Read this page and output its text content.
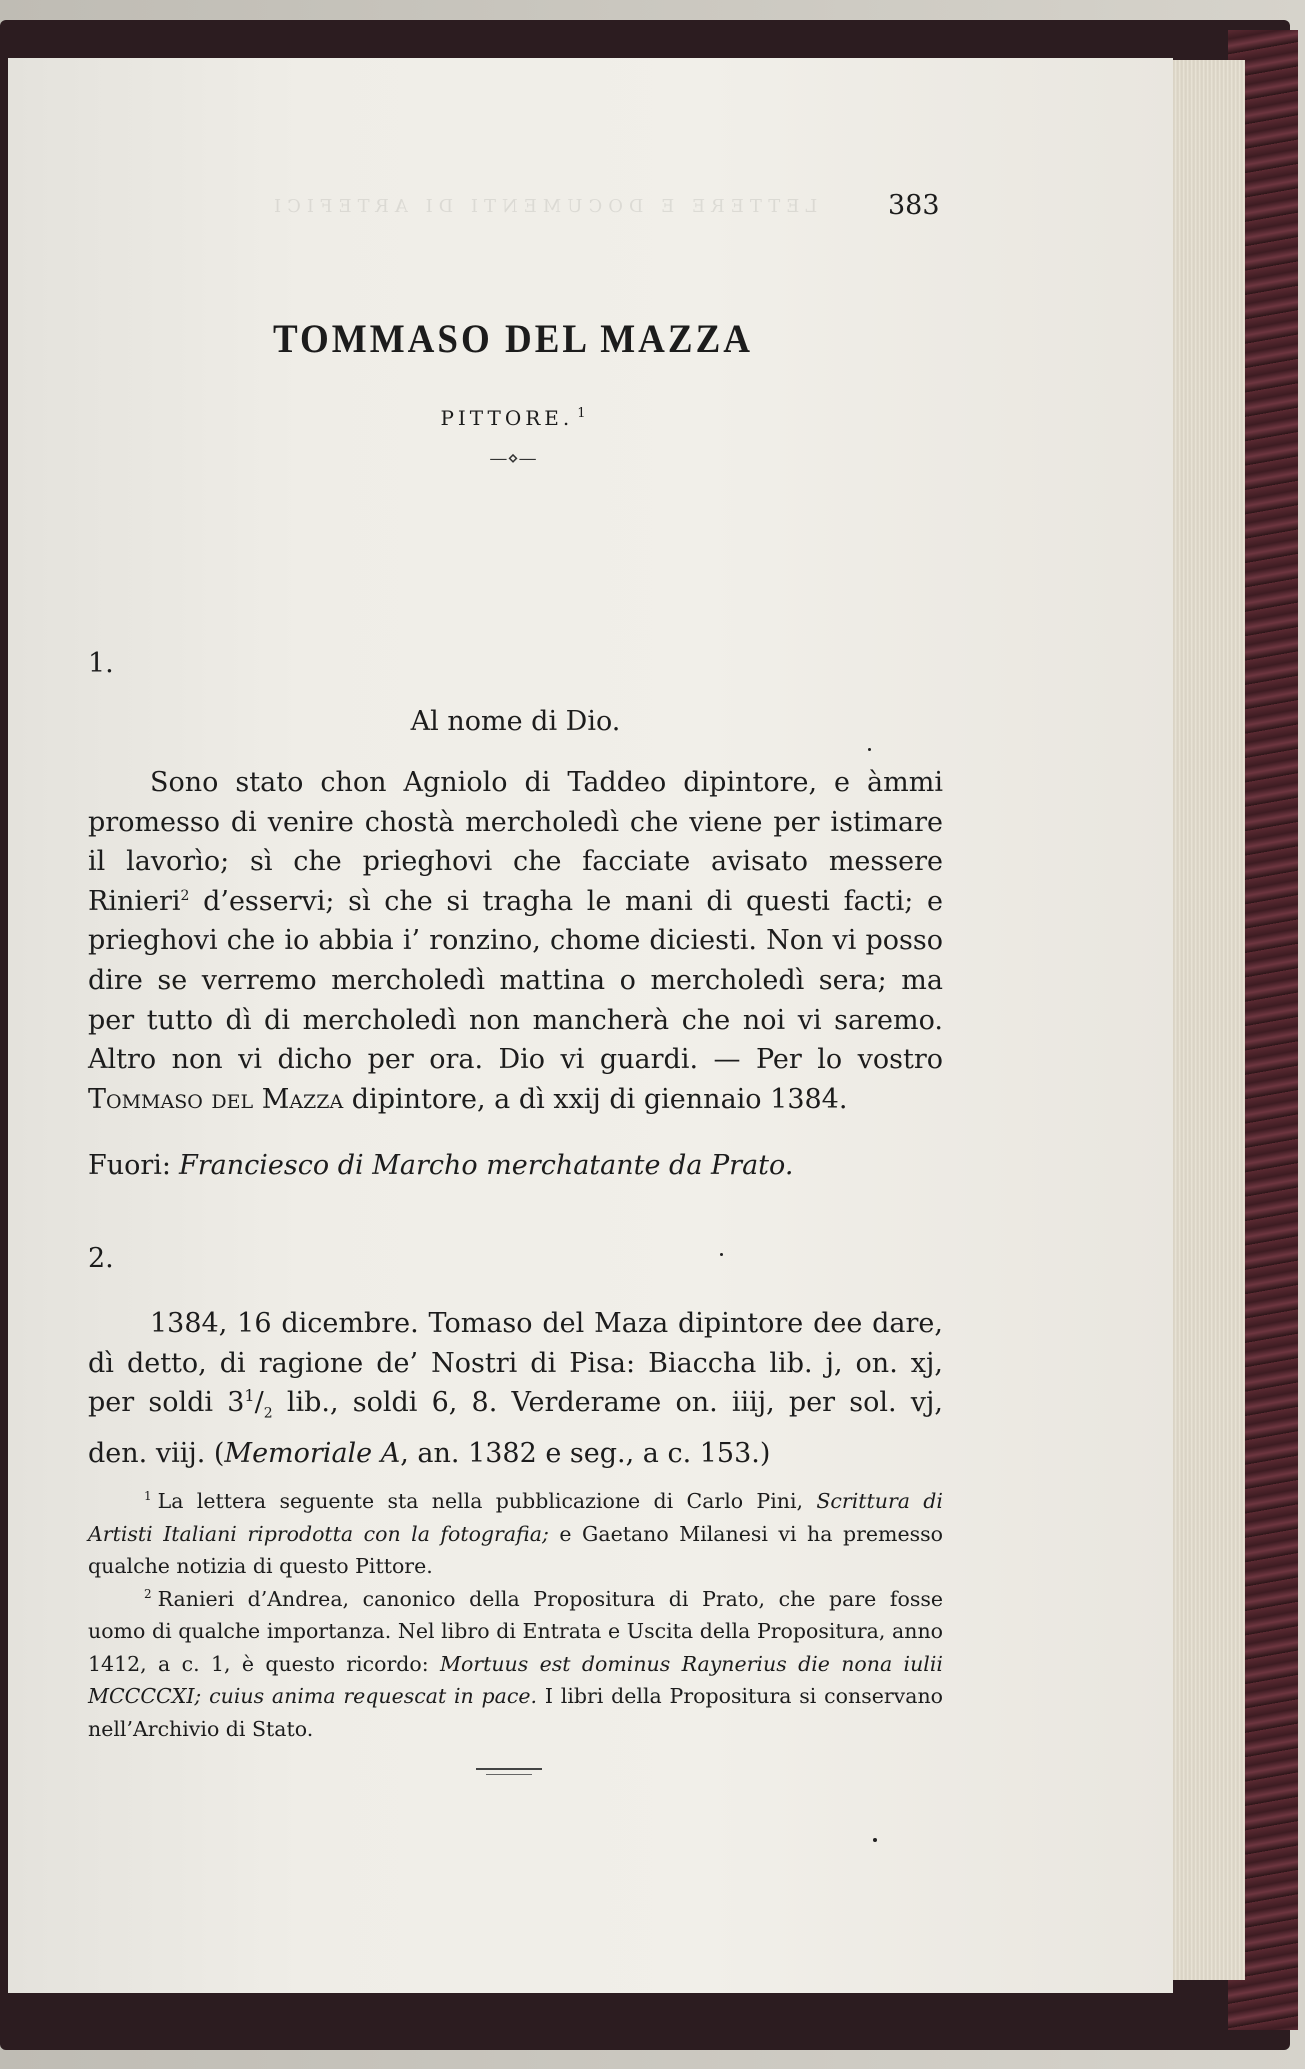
LETTERE E DOCUMENTI DI ARTEFICI	383
TOMMASO DEL MAZZA
PITTORE. $^1$
—⋄—
1.
Al nome di Dio.
Sono stato chon Agniolo di Taddeo dipintore, e àmmi promesso di venire chostà mercholedì che viene per istimare il lavorìo; sì che prieghovi che facciate avisato messere Rinieri$^2$ d’esservi; sì che si tragha le mani di questi facti; e prieghovi che io abbia i’ ronzino, chome diciesti. Non vi posso dire se verremo mercholedì mattina o mercholedì sera; ma per tutto dì di mercholedì non mancherà che noi vi saremo. Altro non vi dicho per ora. Dio vi guardi. — Per lo vostro Tommaso del Mazza dipintore, a dì xxij di giennaio 1384.
Fuori: Franciesco di Marcho merchatante da Prato.
2.
1384, 16 dicembre. Tomaso del Maza dipintore dee dare, dì detto, di ragione de’ Nostri di Pisa: Biaccha lib. j, on. xj, per soldi $3^1/_2$ lib., soldi 6, 8. Verderame on. iiij, per sol. vj, den. viij. (Memoriale A, an. 1382 e seg., a c. 153.)

$^1$ La lettera seguente sta nella pubblicazione di Carlo Pini, Scrittura di Artisti Italiani riprodotta con la fotografia; e Gaetano Milanesi vi ha premesso qualche notizia di questo Pittore.

$^2$ Ranieri d’Andrea, canonico della Propositura di Prato, che pare fosse uomo di qualche importanza. Nel libro di Entrata e Uscita della Propositura, anno 1412, a c. 1, è questo ricordo: Mortuus est dominus Raynerius die nona iulii MCCCCXI; cuius anima requescat in pace. I libri della Propositura si conservano nell’Archivio di Stato.
